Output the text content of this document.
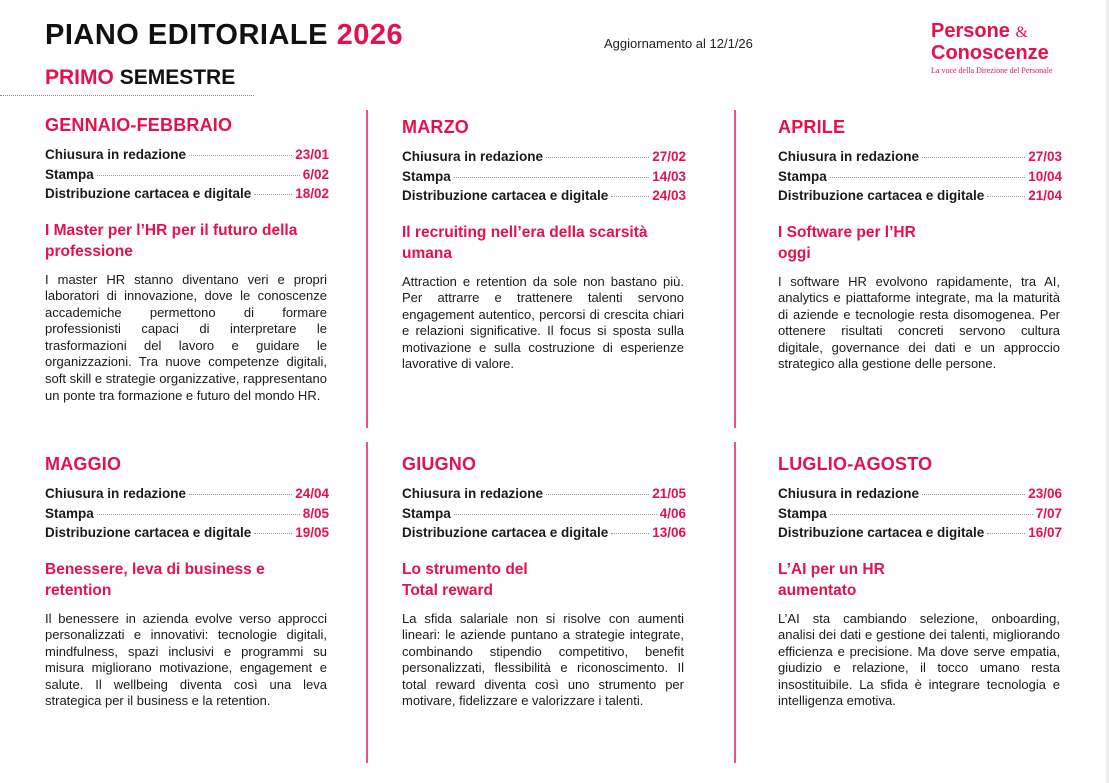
PIANO EDITORIALE 2026
PRIMO SEMESTRE
Aggiornamento al 12/1/26
Persone &
Conoscenze
La voce della Direzione del Personale
GENNAIO-FEBBRAIO
Chiusura in redazione	23/01
Stampa	6/02
Distribuzione cartacea e digitale	18/02
I Master per l’HR per il futuro della professione

I master HR stanno diventano veri e propri laboratori di innovazione, dove le conoscenze accademiche permettono di formare professionisti capaci di interpretare le trasformazioni del lavoro e guidare le organizzazioni. Tra nuove competenze digitali, soft skill e strategie organizzative, rappresentano un ponte tra formazione e futuro del mondo HR.

MARZO
Chiusura in redazione	27/02
Stampa	14/03
Distribuzione cartacea e digitale	24/03
Il recruiting nell’era della scarsità umana

Attraction e retention da sole non bastano più. Per attrarre e trattenere talenti servono engagement autentico, percorsi di crescita chiari e relazioni significative. Il focus si sposta sulla motivazione e sulla costruzione di esperienze lavorative di valore.

APRILE
Chiusura in redazione	27/03
Stampa	10/04
Distribuzione cartacea e digitale	21/04
I Software per l’HR oggi

I software HR evolvono rapidamente, tra AI, analytics e piattaforme integrate, ma la maturità di aziende e tecnologie resta disomogenea. Per ottenere risultati concreti servono cultura digitale, governance dei dati e un approccio strategico alla gestione delle persone.

MAGGIO
Chiusura in redazione	24/04
Stampa	8/05
Distribuzione cartacea e digitale	19/05
Benessere, leva di business e retention

Il benessere in azienda evolve verso approcci personalizzati e innovativi: tecnologie digitali, mindfulness, spazi inclusivi e programmi su misura migliorano motivazione, engagement e salute. Il wellbeing diventa così una leva strategica per il business e la retention.

GIUGNO
Chiusura in redazione	21/05
Stampa	4/06
Distribuzione cartacea e digitale	13/06
Lo strumento del Total reward

La sfida salariale non si risolve con aumenti lineari: le aziende puntano a strategie integrate, combinando stipendio competitivo, benefit personalizzati, flessibilità e riconoscimento. Il total reward diventa così uno strumento per motivare, fidelizzare e valorizzare i talenti.

LUGLIO-AGOSTO
Chiusura in redazione	23/06
Stampa	7/07
Distribuzione cartacea e digitale	16/07
L’AI per un HR aumentato

L’AI sta cambiando selezione, onboarding, analisi dei dati e gestione dei talenti, migliorando efficienza e precisione. Ma dove serve empatia, giudizio e relazione, il tocco umano resta insostituibile. La sfida è integrare tecnologia e intelligenza emotiva.
